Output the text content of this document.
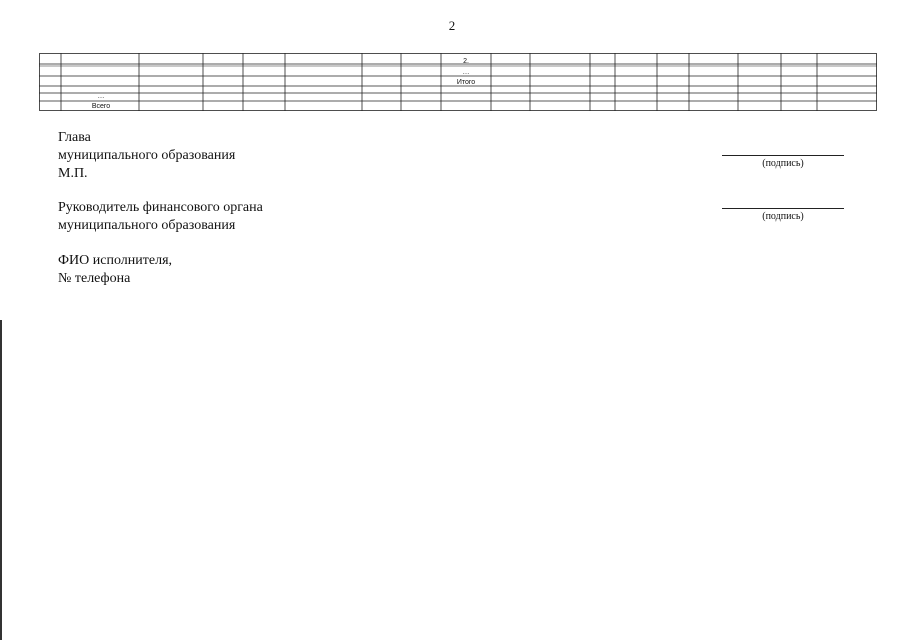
2
2.
…
Итого
…
Всего
Глава
муниципального образования
М.П.
(подпись)
Руководитель финансового органа
муниципального образования
(подпись)
ФИО исполнителя,
№ телефона
